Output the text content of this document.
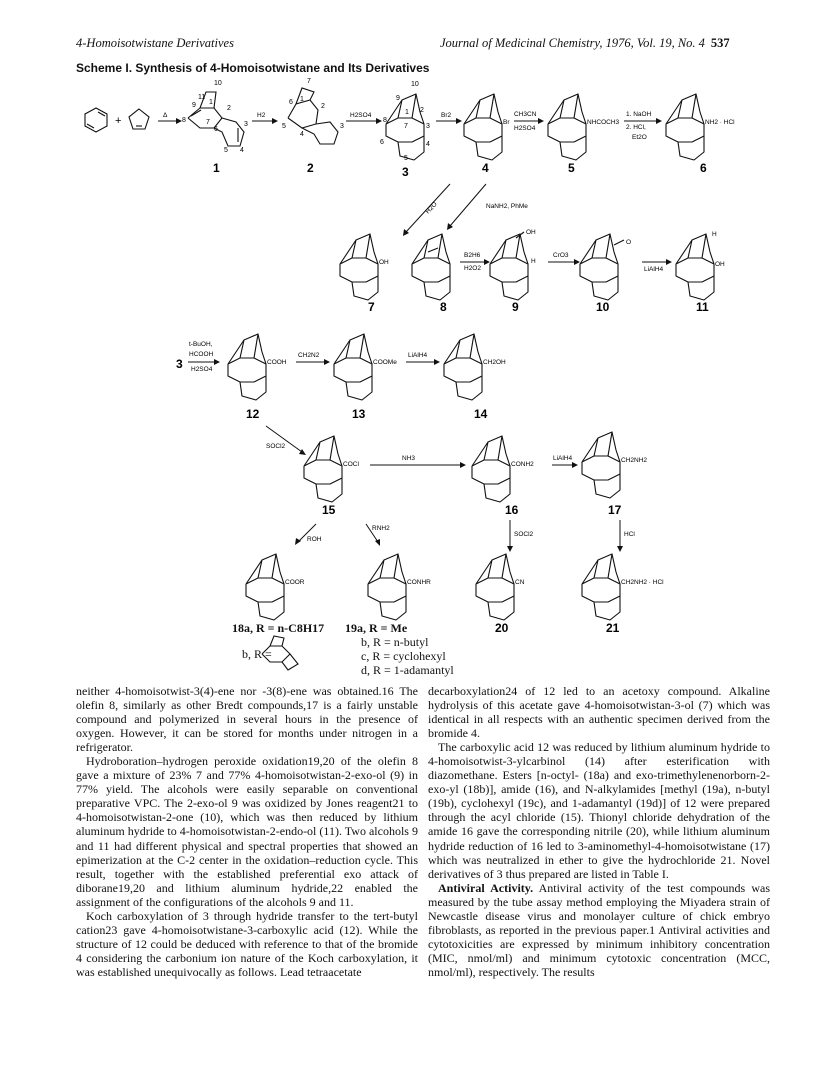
4-Homoisotwistane Derivatives	Journal of Medicinal Chemistry, 1976, Vol. 19, No. 4 537
Scheme I. Synthesis of 4-Homoisotwistane and Its Derivatives
+	Δ
10
11
9
8
1
2
7
6
3
5 4
1
H2
7
6 1
2
5
4
3
2
H2SO4
10
9
2
1
8
7	3
6	4
5
3
Br2
Br
4
CH3CN
H2SO4
NHCOCH3
5
1. NaOH
2. HCl,
Et2O
NH2 · HCl
6
H2O	NaNH2, PhMe
OH
7	8
B2H6
H2O2
OH
H
9
CrO3
O
10
LiAlH4
H
OH
11
3
t-BuOH,
HCOOH
H2SO4
COOH
12
CH2N2
COOMe
13
LiAlH4
CH2OH
14
SOCl2
COCl
15
NH3
CONH2
16
LiAlH4	CH2NH2
17
ROH
RNH2
SOCl2	HCl
COOR	CONHR	CN
20
CH2NH2 · HCl
21
18a, R = n-C8H17
b, R =
19a, R = Me
b, R = n-butyl
c, R = cyclohexyl
d, R = 1-adamantyl

neither 4-homoisotwist-3(4)-ene nor -3(8)-ene was obtained.16 The olefin 8, similarly as other Bredt compounds,17 is a fairly unstable compound and polymerized in several hours in the presence of oxygen. However, it can be stored for months under nitrogen in a refrigerator.

Hydroboration–hydrogen peroxide oxidation19,20 of the olefin 8 gave a mixture of 23% 7 and 77% 4-homoisotwistan-2-exo-ol (9) in 77% yield. The alcohols were easily separable on conventional preparative VPC. The 2-exo-ol 9 was oxidized by Jones reagent21 to 4-homoisotwistan-2-one (10), which was then reduced by lithium aluminum hydride to 4-homoisotwistan-2-endo-ol (11). Two alcohols 9 and 11 had different physical and spectral properties that showed an epimerization at the C-2 center in the oxidation–reduction cycle. This result, together with the established preferential exo attack of diborane19,20 and lithium aluminum hydride,22 enabled the assignment of the configurations of the alcohols 9 and 11.

Koch carboxylation of 3 through hydride transfer to the tert-butyl cation23 gave 4-homoisotwistane-3-carboxylic acid (12). While the structure of 12 could be deduced with reference to that of the bromide 4 considering the carbonium ion nature of the Koch carboxylation, it was established unequivocally as follows. Lead tetraacetate

decarboxylation24 of 12 led to an acetoxy compound. Alkaline hydrolysis of this acetate gave 4-homoisotwistan-3-ol (7) which was identical in all respects with an authentic specimen derived from the bromide 4.

The carboxylic acid 12 was reduced by lithium aluminum hydride to 4-homoisotwist-3-ylcarbinol (14) after esterification with diazomethane. Esters [n-octyl- (18a) and exo-trimethylenenorborn-2-exo-yl (18b)], amide (16), and N-alkylamides [methyl (19a), n-butyl (19b), cyclohexyl (19c), and 1-adamantyl (19d)] of 12 were prepared through the acyl chloride (15). Thionyl chloride dehydration of the amide 16 gave the corresponding nitrile (20), while lithium aluminum hydride reduction of 16 led to 3-aminomethyl-4-homoisotwistane (17) which was neutralized in ether to give the hydrochloride 21. Novel derivatives of 3 thus prepared are listed in Table I.

Antiviral Activity. Antiviral activity of the test compounds was measured by the tube assay method employing the Miyadera strain of Newcastle disease virus and monolayer culture of chick embryo fibroblasts, as reported in the previous paper.1 Antiviral activities and cytotoxicities are expressed by minimum inhibitory concentration (MIC, nmol/ml) and minimum cytotoxic concentration (MCC, nmol/ml), respectively. The results
